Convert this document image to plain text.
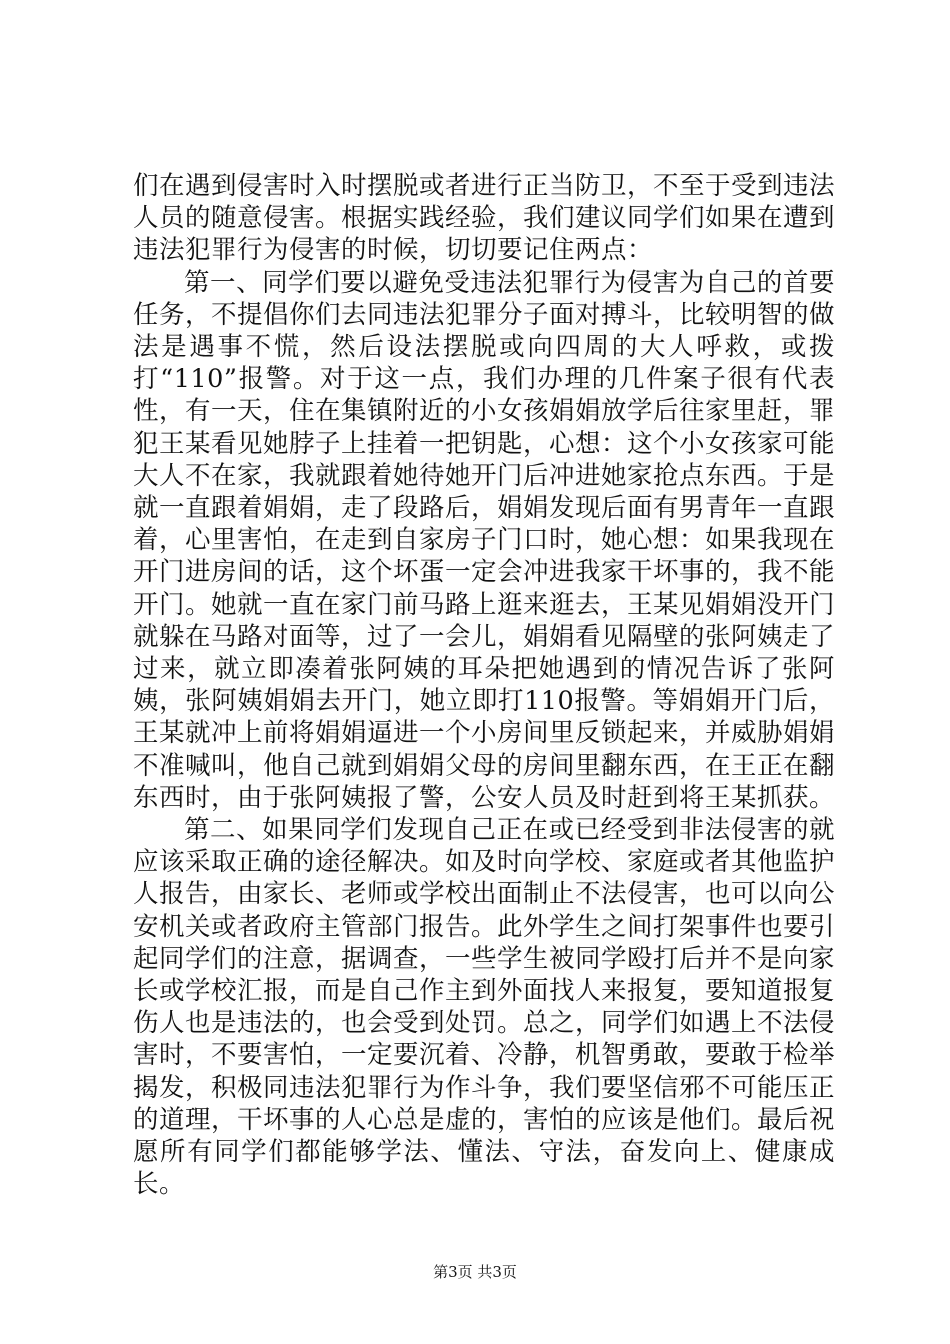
们在遇到侵害时入时摆脱或者进行正当防卫，不至于受到违法人员的随意侵害。根据实践经验，我们建议同学们如果在遭到违法犯罪行为侵害的时候，切切要记住两点：

第一、同学们要以避免受违法犯罪行为侵害为自己的首要任务，不提倡你们去同违法犯罪分子面对搏斗，比较明智的做法是遇事不慌，然后设法摆脱或向四周的大人呼救，或拨打“110”报警。对于这一点，我们办理的几件案子很有代表性，有一天，住在集镇附近的小女孩娟娟放学后往家里赶，罪犯王某看见她脖子上挂着一把钥匙，心想：这个小女孩家可能大人不在家，我就跟着她待她开门后冲进她家抢点东西。于是就一直跟着娟娟，走了段路后，娟娟发现后面有男青年一直跟着，心里害怕，在走到自家房子门口时，她心想：如果我现在开门进房间的话，这个坏蛋一定会冲进我家干坏事的，我不能开门。她就一直在家门前马路上逛来逛去，王某见娟娟没开门就躲在马路对面等，过了一会儿，娟娟看见隔壁的张阿姨走了过来，就立即凑着张阿姨的耳朵把她遇到的情况告诉了张阿姨，张阿姨娟娟去开门，她立即打110报警。等娟娟开门后，王某就冲上前将娟娟逼进一个小房间里反锁起来，并威胁娟娟不准喊叫，他自己就到娟娟父母的房间里翻东西，在王正在翻东西时，由于张阿姨报了警，公安人员及时赶到将王某抓获。

第二、如果同学们发现自己正在或已经受到非法侵害的就应该采取正确的途径解决。如及时向学校、家庭或者其他监护人报告，由家长、老师或学校出面制止不法侵害，也可以向公安机关或者政府主管部门报告。此外学生之间打架事件也要引起同学们的注意，据调查，一些学生被同学殴打后并不是向家长或学校汇报，而是自己作主到外面找人来报复，要知道报复伤人也是违法的，也会受到处罚。总之，同学们如遇上不法侵害时，不要害怕，一定要沉着、冷静，机智勇敢，要敢于检举揭发，积极同违法犯罪行为作斗争，我们要坚信邪不可能压正的道理，干坏事的人心总是虚的，害怕的应该是他们。最后祝愿所有同学们都能够学法、懂法、守法，奋发向上、健康成长。

第3页 共3页
